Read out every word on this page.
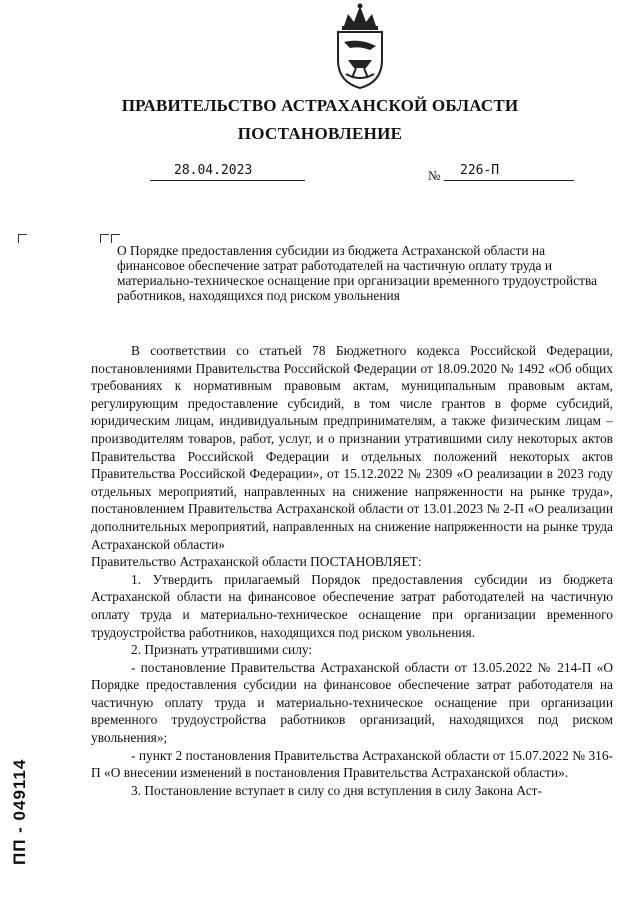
ПРАВИТЕЛЬСТВО АСТРАХАНСКОЙ ОБЛАСТИ
ПОСТАНОВЛЕНИЕ
28.04.2023	№	226-П
О Порядке предоставления субсидии из бюджета Астраханской области на финансовое обеспечение затрат работодателей на частичную оплату труда и материально-техническое оснащение при организации временного трудоустройства работников, находящихся под риском увольнения

В соответствии со статьей 78 Бюджетного кодекса Российской Федерации, постановлениями Правительства Российской Федерации от 18.09.2020 № 1492 «Об общих требованиях к нормативным правовым актам, муниципальным правовым актам, регулирующим предоставление субсидий, в том числе грантов в форме субсидий, юридическим лицам, индивидуальным предпринимателям, а также физическим лицам – производителям товаров, работ, услуг, и о признании утратившими силу некоторых актов Правительства Российской Федерации и отдельных положений некоторых актов Правительства Российской Федерации», от 15.12.2022 № 2309 «О реализации в 2023 году отдельных мероприятий, направленных на снижение напряженности на рынке труда», постановлением Правительства Астраханской области от 13.01.2023 № 2-П «О реализации дополнительных мероприятий, направленных на снижение напряженности на рынке труда Астраханской области»

Правительство Астраханской области ПОСТАНОВЛЯЕТ:

1. Утвердить прилагаемый Порядок предоставления субсидии из бюджета Астраханской области на финансовое обеспечение затрат работодателей на частичную оплату труда и материально-техническое оснащение при организации временного трудоустройства работников, находящихся под риском увольнения.

2. Признать утратившими силу:

- постановление Правительства Астраханской области от 13.05.2022 № 214-П «О Порядке предоставления субсидии на финансовое обеспечение затрат работодателя на частичную оплату труда и материально-техническое оснащение при организации временного трудоустройства работников организаций, находящихся под риском увольнения»;

- пункт 2 постановления Правительства Астраханской области от 15.07.2022 № 316-П «О внесении изменений в постановления Правительства Астраханской области».

3. Постановление вступает в силу со дня вступления в силу Закона Аст-

ПП - 049114
